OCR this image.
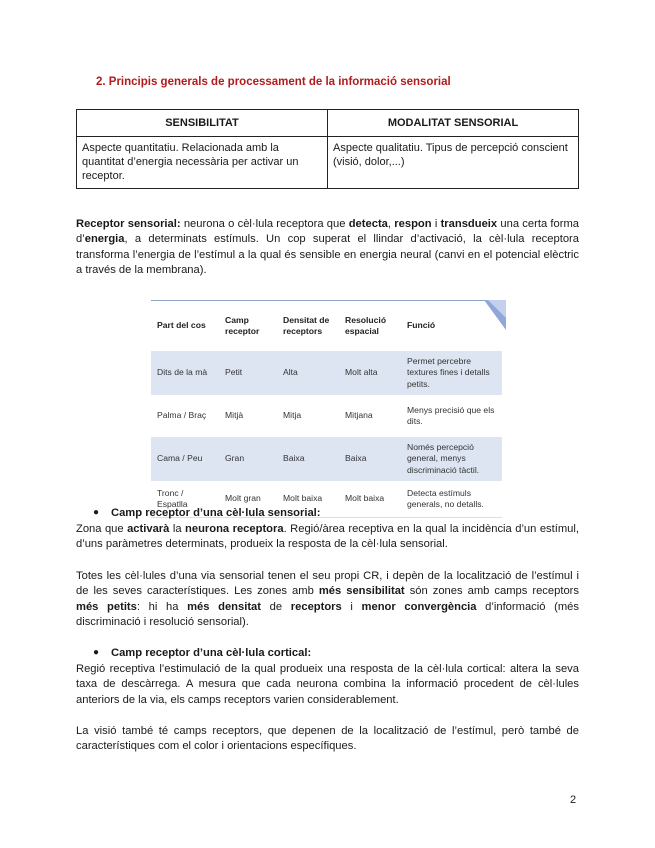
2. Principis generals de processament de la informació sensorial
SENSIBILITAT	MODALITAT SENSORIAL
Aspecte quantitatiu. Relacionada amb la quantitat d’energia necessària per activar un receptor.	Aspecte qualitatiu. Tipus de percepció conscient (visió, dolor,...)
Receptor sensorial: neurona o cèl·lula receptora que detecta, respon i transdueix una certa forma d’energia, a determinats estímuls. Un cop superat el llindar d’activació, la cèl·lula receptora transforma l’energia de l’estímul a la qual és sensible en energia neural (canvi en el potencial elèctric a través de la membrana).
Part del cos	Camp receptor	Densitat de receptors	Resolució espacial	Funció
Dits de la mà	Petit	Alta	Molt alta	Permet percebre textures fines i detalls petits.
Palma / Braç	Mitjà	Mitja	Mitjana	Menys precisió que els dits.
Cama / Peu	Gran	Baixa	Baixa	Només percepció general, menys discriminació tàctil.
Tronc / Espatlla	Molt gran	Molt baixa	Molt baixa	Detecta estímuls generals, no detalls.
● Camp receptor d’una cèl·lula sensorial:
Zona que activarà la neurona receptora. Regió/àrea receptiva en la qual la incidència d’un estímul, d’uns paràmetres determinats, produeix la resposta de la cèl·lula sensorial.
Totes les cèl·lules d’una via sensorial tenen el seu propi CR, i depèn de la localització de l’estímul i de les seves característiques. Les zones amb més sensibilitat són zones amb camps receptors més petits: hi ha més densitat de receptors i menor convergència d’informació (més discriminació i resolució sensorial).
● Camp receptor d’una cèl·lula cortical:
Regió receptiva l’estimulació de la qual produeix una resposta de la cèl·lula cortical: altera la seva taxa de descàrrega. A mesura que cada neurona combina la informació procedent de cèl·lules anteriors de la via, els camps receptors varien considerablement.
La visió també té camps receptors, que depenen de la localització de l’estímul, però també de característiques com el color i orientacions específiques.
2
